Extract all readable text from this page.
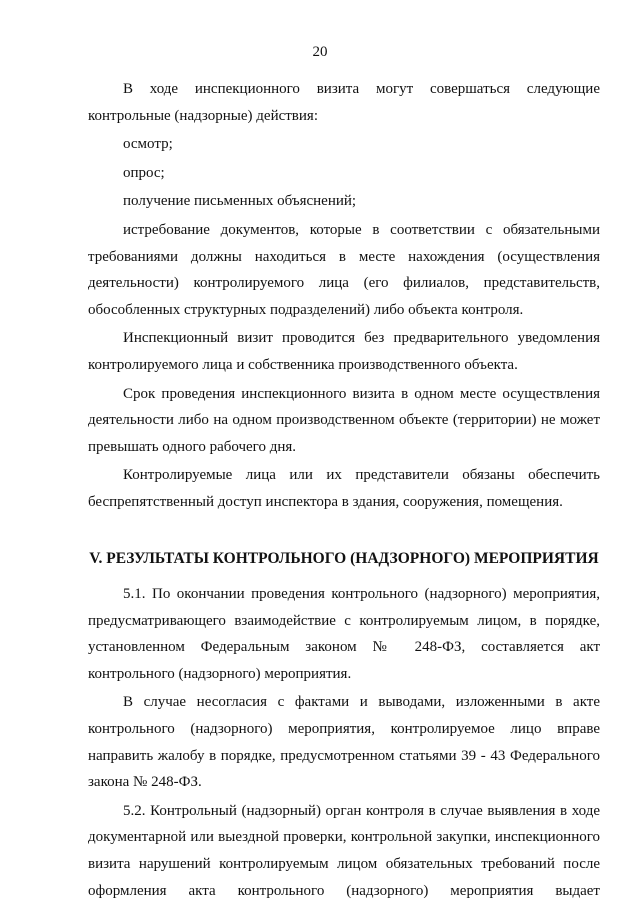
20

В ходе инспекционного визита могут совершаться следующие контрольные (надзорные) действия:

осмотр;

опрос;

получение письменных объяснений;

истребование документов, которые в соответствии с обязательными требованиями должны находиться в месте нахождения (осуществления деятельности) контролируемого лица (его филиалов, представительств, обособленных структурных подразделений) либо объекта контроля.

Инспекционный визит проводится без предварительного уведомления контролируемого лица и собственника производственного объекта.

Срок проведения инспекционного визита в одном месте осуществления деятельности либо на одном производственном объекте (территории) не может превышать одного рабочего дня.

Контролируемые лица или их представители обязаны обеспечить беспрепятственный доступ инспектора в здания, сооружения, помещения.

V. РЕЗУЛЬТАТЫ КОНТРОЛЬНОГО (НАДЗОРНОГО) МЕРОПРИЯТИЯ

5.1. По окончании проведения контрольного (надзорного) мероприятия, предусматривающего взаимодействие с контролируемым лицом, в порядке, установленном Федеральным законом № 248-ФЗ, составляется акт контрольного (надзорного) мероприятия.

В случае несогласия с фактами и выводами, изложенными в акте контрольного (надзорного) мероприятия, контролируемое лицо вправе направить жалобу в порядке, предусмотренном статьями 39 - 43 Федерального закона № 248-ФЗ.

5.2. Контрольный (надзорный) орган контроля в случае выявления в ходе документарной или выездной проверки, контрольной закупки, инспекционного визита нарушений контролируемым лицом обязательных требований после оформления акта контрольного (надзорного) мероприятия выдает
